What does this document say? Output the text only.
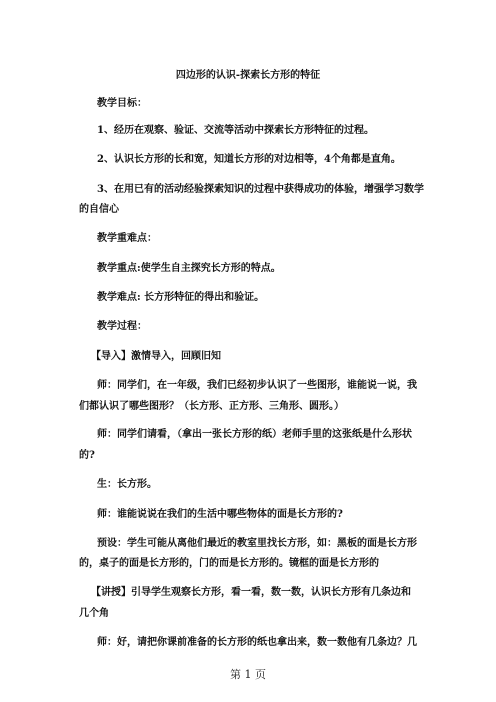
四边形的认识-探索长方形的特征
教学目标：
1、经历在观察、验证、交流等活动中探索长方形特征的过程。
2、认识长方形的长和宽，知道长方形的对边相等，4个角都是直角。
3、在用已有的活动经验探索知识的过程中获得成功的体验，增强学习数学
的自信心
教学重难点：
教学重点:使学生自主探究长方形的特点。
教学难点: 长方形特征的得出和验证。
教学过程：
【导入】激情导入，回顾旧知
师：同学们，在一年级，我们已经初步认识了一些图形，谁能说一说，我
们都认识了哪些图形？（长方形、正方形、三角形、圆形。）
师：同学们请看，（拿出一张长方形的纸）老师手里的这张纸是什么形状
的?
生：长方形。
师：谁能说说在我们的生活中哪些物体的面是长方形的?
预设：学生可能从离他们最近的教室里找长方形，如：黑板的面是长方形
的，桌子的面是长方形的，门的而是长方形的。镜框的面是长方形的
【讲授】引导学生观察长方形，看一看，数一数，认识长方形有几条边和
几个角
师：好，请把你课前准备的长方形的纸也拿出来，数一数他有几条边？几
第 1 页
